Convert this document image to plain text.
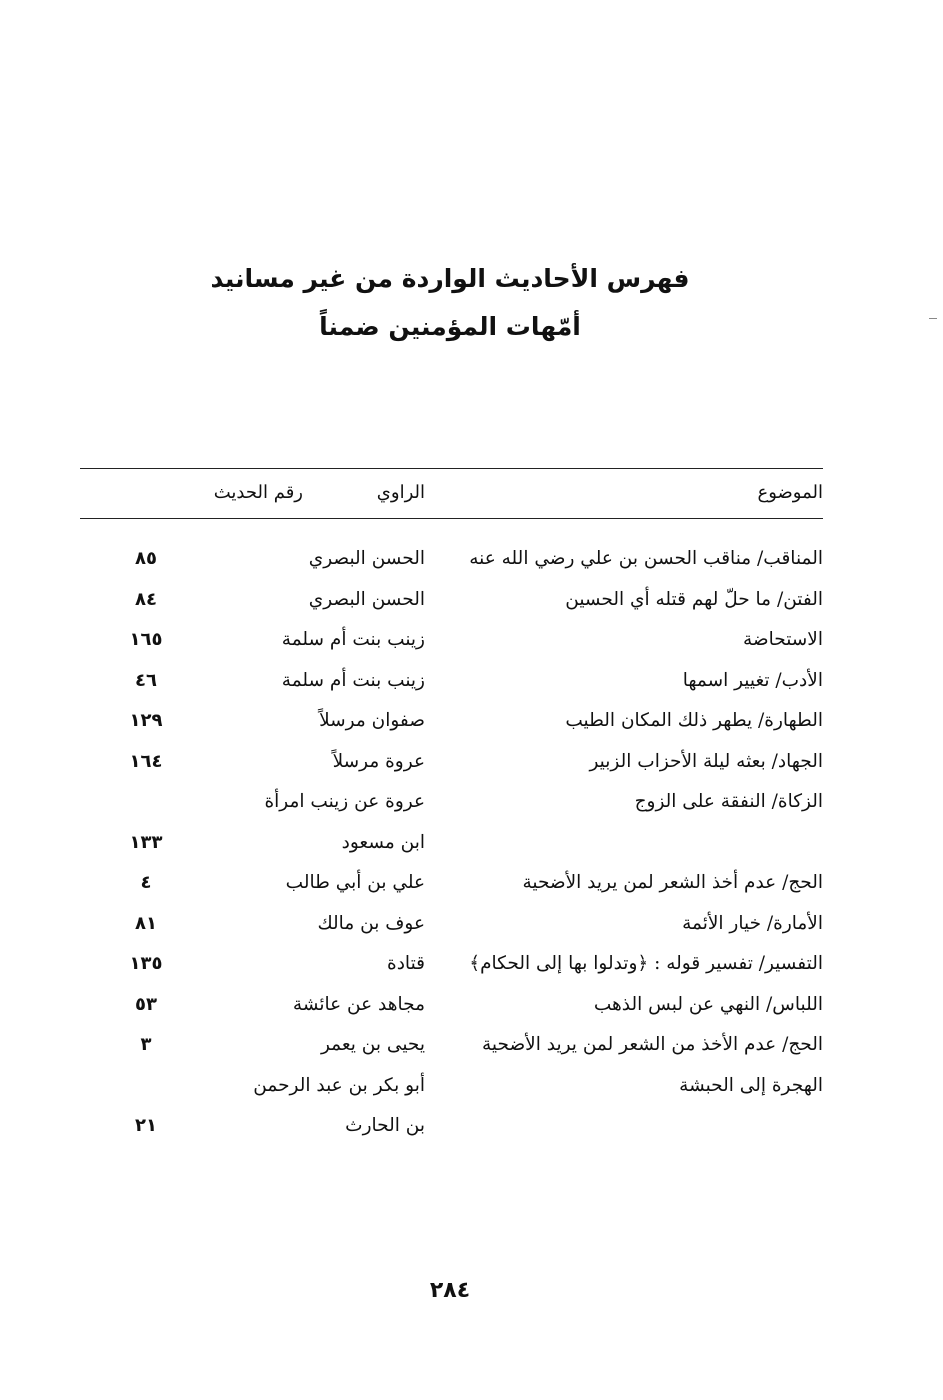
فهرس الأحاديث الواردة من غير مسانيد
أمّهات المؤمنين ضمناً
الموضوع
الراوي
رقم الحديث
المناقب/ مناقب الحسن بن علي رضي الله عنه
الحسن البصري
٨٥
الفتن/ ما حلّ لهم قتله أي الحسين
الحسن البصري
٨٤
الاستحاضة
زينب بنت أم سلمة
١٦٥
الأدب/ تغيير اسمها
زينب بنت أم سلمة
٤٦
الطهارة/ يطهر ذلك المكان الطيب
صفوان مرسلاً
١٢٩
الجهاد/ بعثه ليلة الأحزاب الزبير
عروة مرسلاً
١٦٤
الزكاة/ النفقة على الزوج
عروة عن زينب امرأة
ابن مسعود
١٣٣
الحج/ عدم أخذ الشعر لمن يريد الأضحية
علي بن أبي طالب
٤
الأمارة/ خيار الأئمة
عوف بن مالك
٨١
التفسير/ تفسير قوله : ﴿وتدلوا بها إلى الحكام﴾
قتادة
١٣٥
اللباس/ النهي عن لبس الذهب
مجاهد عن عائشة
٥٣
الحج/ عدم الأخذ من الشعر لمن يريد الأضحية
يحيى بن يعمر
٣
الهجرة إلى الحبشة
أبو بكر بن عبد الرحمن
بن الحارث
٢١
٢٨٤
